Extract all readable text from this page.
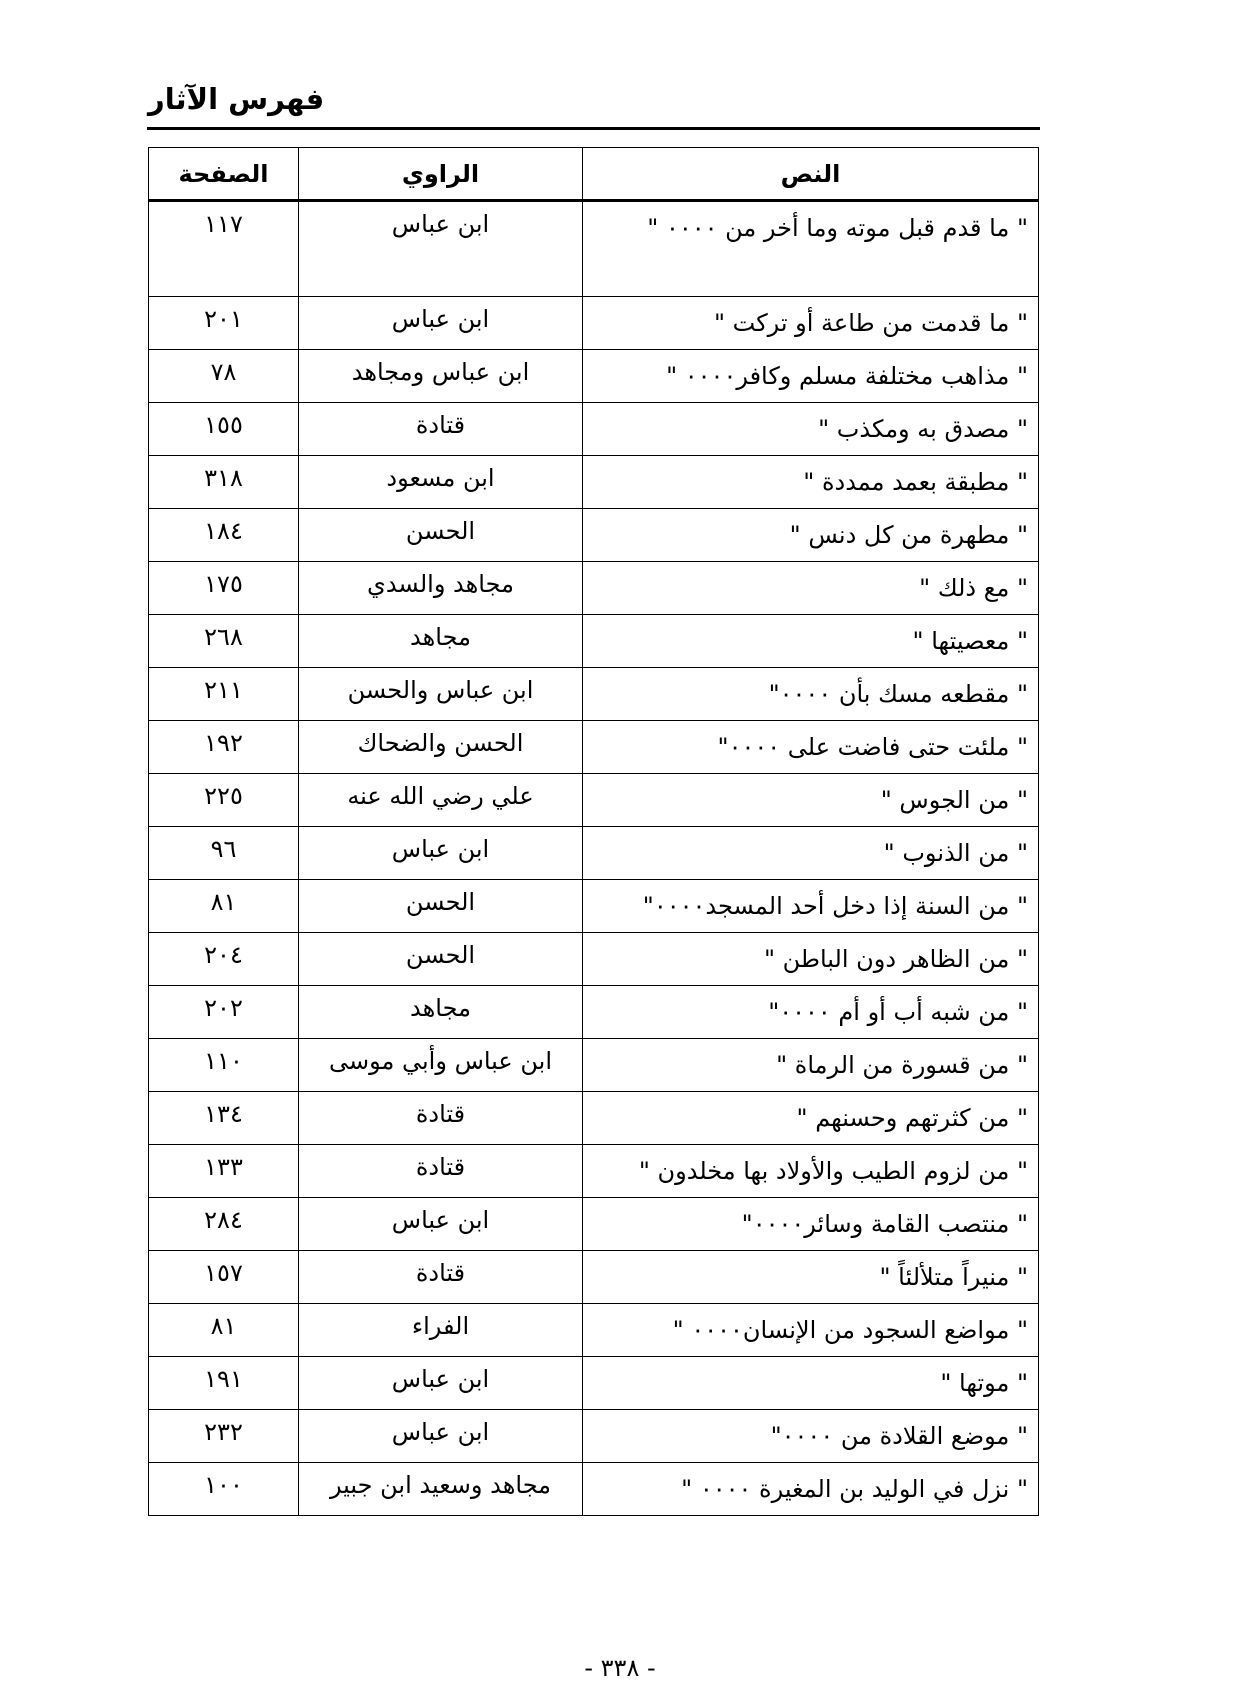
فهرس الآثار
النص	الراوي	الصفحة
" ما قدم قبل موته وما أخر من ٠٠٠٠ "	ابن عباس	١١٧
" ما قدمت من طاعة أو تركت "	ابن عباس	٢٠١
" مذاهب مختلفة مسلم وكافر٠٠٠٠ "	ابن عباس ومجاهد	٧٨
" مصدق به ومكذب "	قتادة	١٥٥
" مطبقة بعمد ممددة "	ابن مسعود	٣١٨
" مطهرة من كل دنس "	الحسن	١٨٤
" مع ذلك "	مجاهد والسدي	١٧٥
" معصيتها "	مجاهد	٢٦٨
" مقطعه مسك بأن ٠٠٠٠"	ابن عباس والحسن	٢١١
" ملئت حتى فاضت على ٠٠٠٠"	الحسن والضحاك	١٩٢
" من الجوس "	علي رضي الله عنه	٢٢٥
" من الذنوب "	ابن عباس	٩٦
" من السنة إذا دخل أحد المسجد٠٠٠٠"	الحسن	٨١
" من الظاهر دون الباطن "	الحسن	٢٠٤
" من شبه أب أو أم ٠٠٠٠"	مجاهد	٢٠٢
" من قسورة من الرماة "	ابن عباس وأبي موسى	١١٠
" من كثرتهم وحسنهم "	قتادة	١٣٤
" من لزوم الطيب والأولاد بها مخلدون "	قتادة	١٣٣
" منتصب القامة وسائر٠٠٠٠"	ابن عباس	٢٨٤
" منيراً متلألئاً "	قتادة	١٥٧
" مواضع السجود من الإنسان٠٠٠٠ "	الفراء	٨١
" موتها "	ابن عباس	١٩١
" موضع القلادة من ٠٠٠٠"	ابن عباس	٢٣٢
" نزل في الوليد بن المغيرة ٠٠٠٠ "	مجاهد وسعيد ابن جبير	١٠٠
- ٣٣٨ -
